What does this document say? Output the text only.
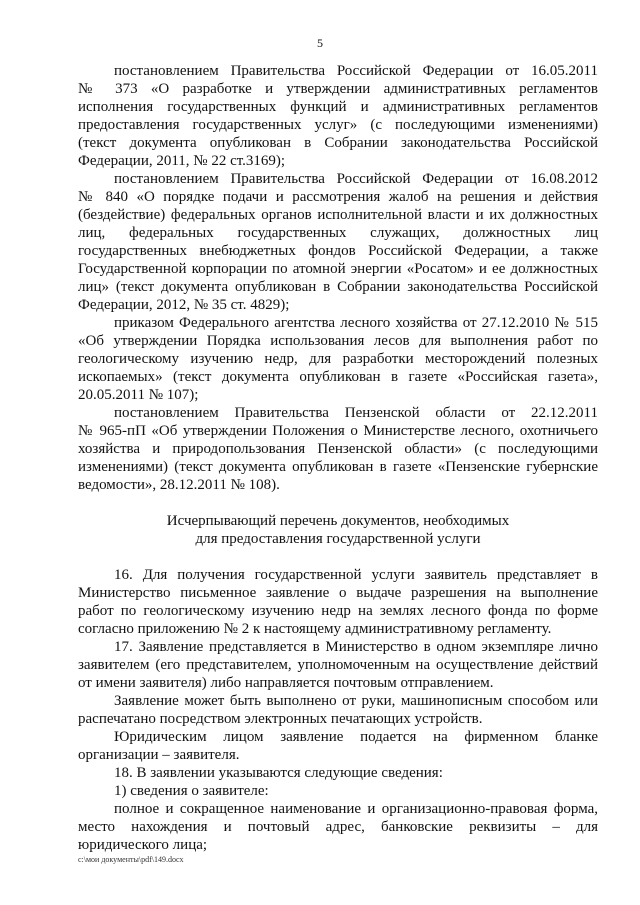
5
постановлением Правительства Российской Федерации от 16.05.2011
№ 373 «О разработке и утверждении административных регламентов
исполнения государственных функций и административных регламентов
предоставления государственных услуг» (с последующими изменениями)
(текст документа опубликован в Собрании законодательства Российской
Федерации, 2011, № 22 ст.3169);
постановлением Правительства Российской Федерации от 16.08.2012
№ 840 «О порядке подачи и рассмотрения жалоб на решения и действия
(бездействие) федеральных органов исполнительной власти и их должностных
лиц, федеральных государственных служащих, должностных лиц
государственных внебюджетных фондов Российской Федерации, а также
Государственной корпорации по атомной энергии «Росатом» и ее должностных
лиц» (текст документа опубликован в Собрании законодательства Российской
Федерации, 2012, № 35 ст. 4829);
приказом Федерального агентства лесного хозяйства от 27.12.2010 № 515
«Об утверждении Порядка использования лесов для выполнения работ по
геологическому изучению недр, для разработки месторождений полезных
ископаемых» (текст документа опубликован в газете «Российская газета»,
20.05.2011 № 107);
постановлением Правительства Пензенской области от 22.12.2011
№ 965-пП «Об утверждении Положения о Министерстве лесного, охотничьего
хозяйства и природопользования Пензенской области» (с последующими
изменениями) (текст документа опубликован в газете «Пензенские губернские
ведомости», 28.12.2011 № 108).
Исчерпывающий перечень документов, необходимых
для предоставления государственной услуги
16. Для получения государственной услуги заявитель представляет в
Министерство письменное заявление о выдаче разрешения на выполнение
работ по геологическому изучению недр на землях лесного фонда по форме
согласно приложению № 2 к настоящему административному регламенту.
17. Заявление представляется в Министерство в одном экземпляре лично
заявителем (его представителем, уполномоченным на осуществление действий
от имени заявителя) либо направляется почтовым отправлением.
Заявление может быть выполнено от руки, машинописным способом или
распечатано посредством электронных печатающих устройств.
Юридическим лицом заявление подается на фирменном бланке
организации – заявителя.
18. В заявлении указываются следующие сведения:
1) сведения о заявителе:
полное и сокращенное наименование и организационно-правовая форма,
место нахождения и почтовый адрес, банковские реквизиты – для
юридического лица;
с:\мои документы\pdf\149.docx
